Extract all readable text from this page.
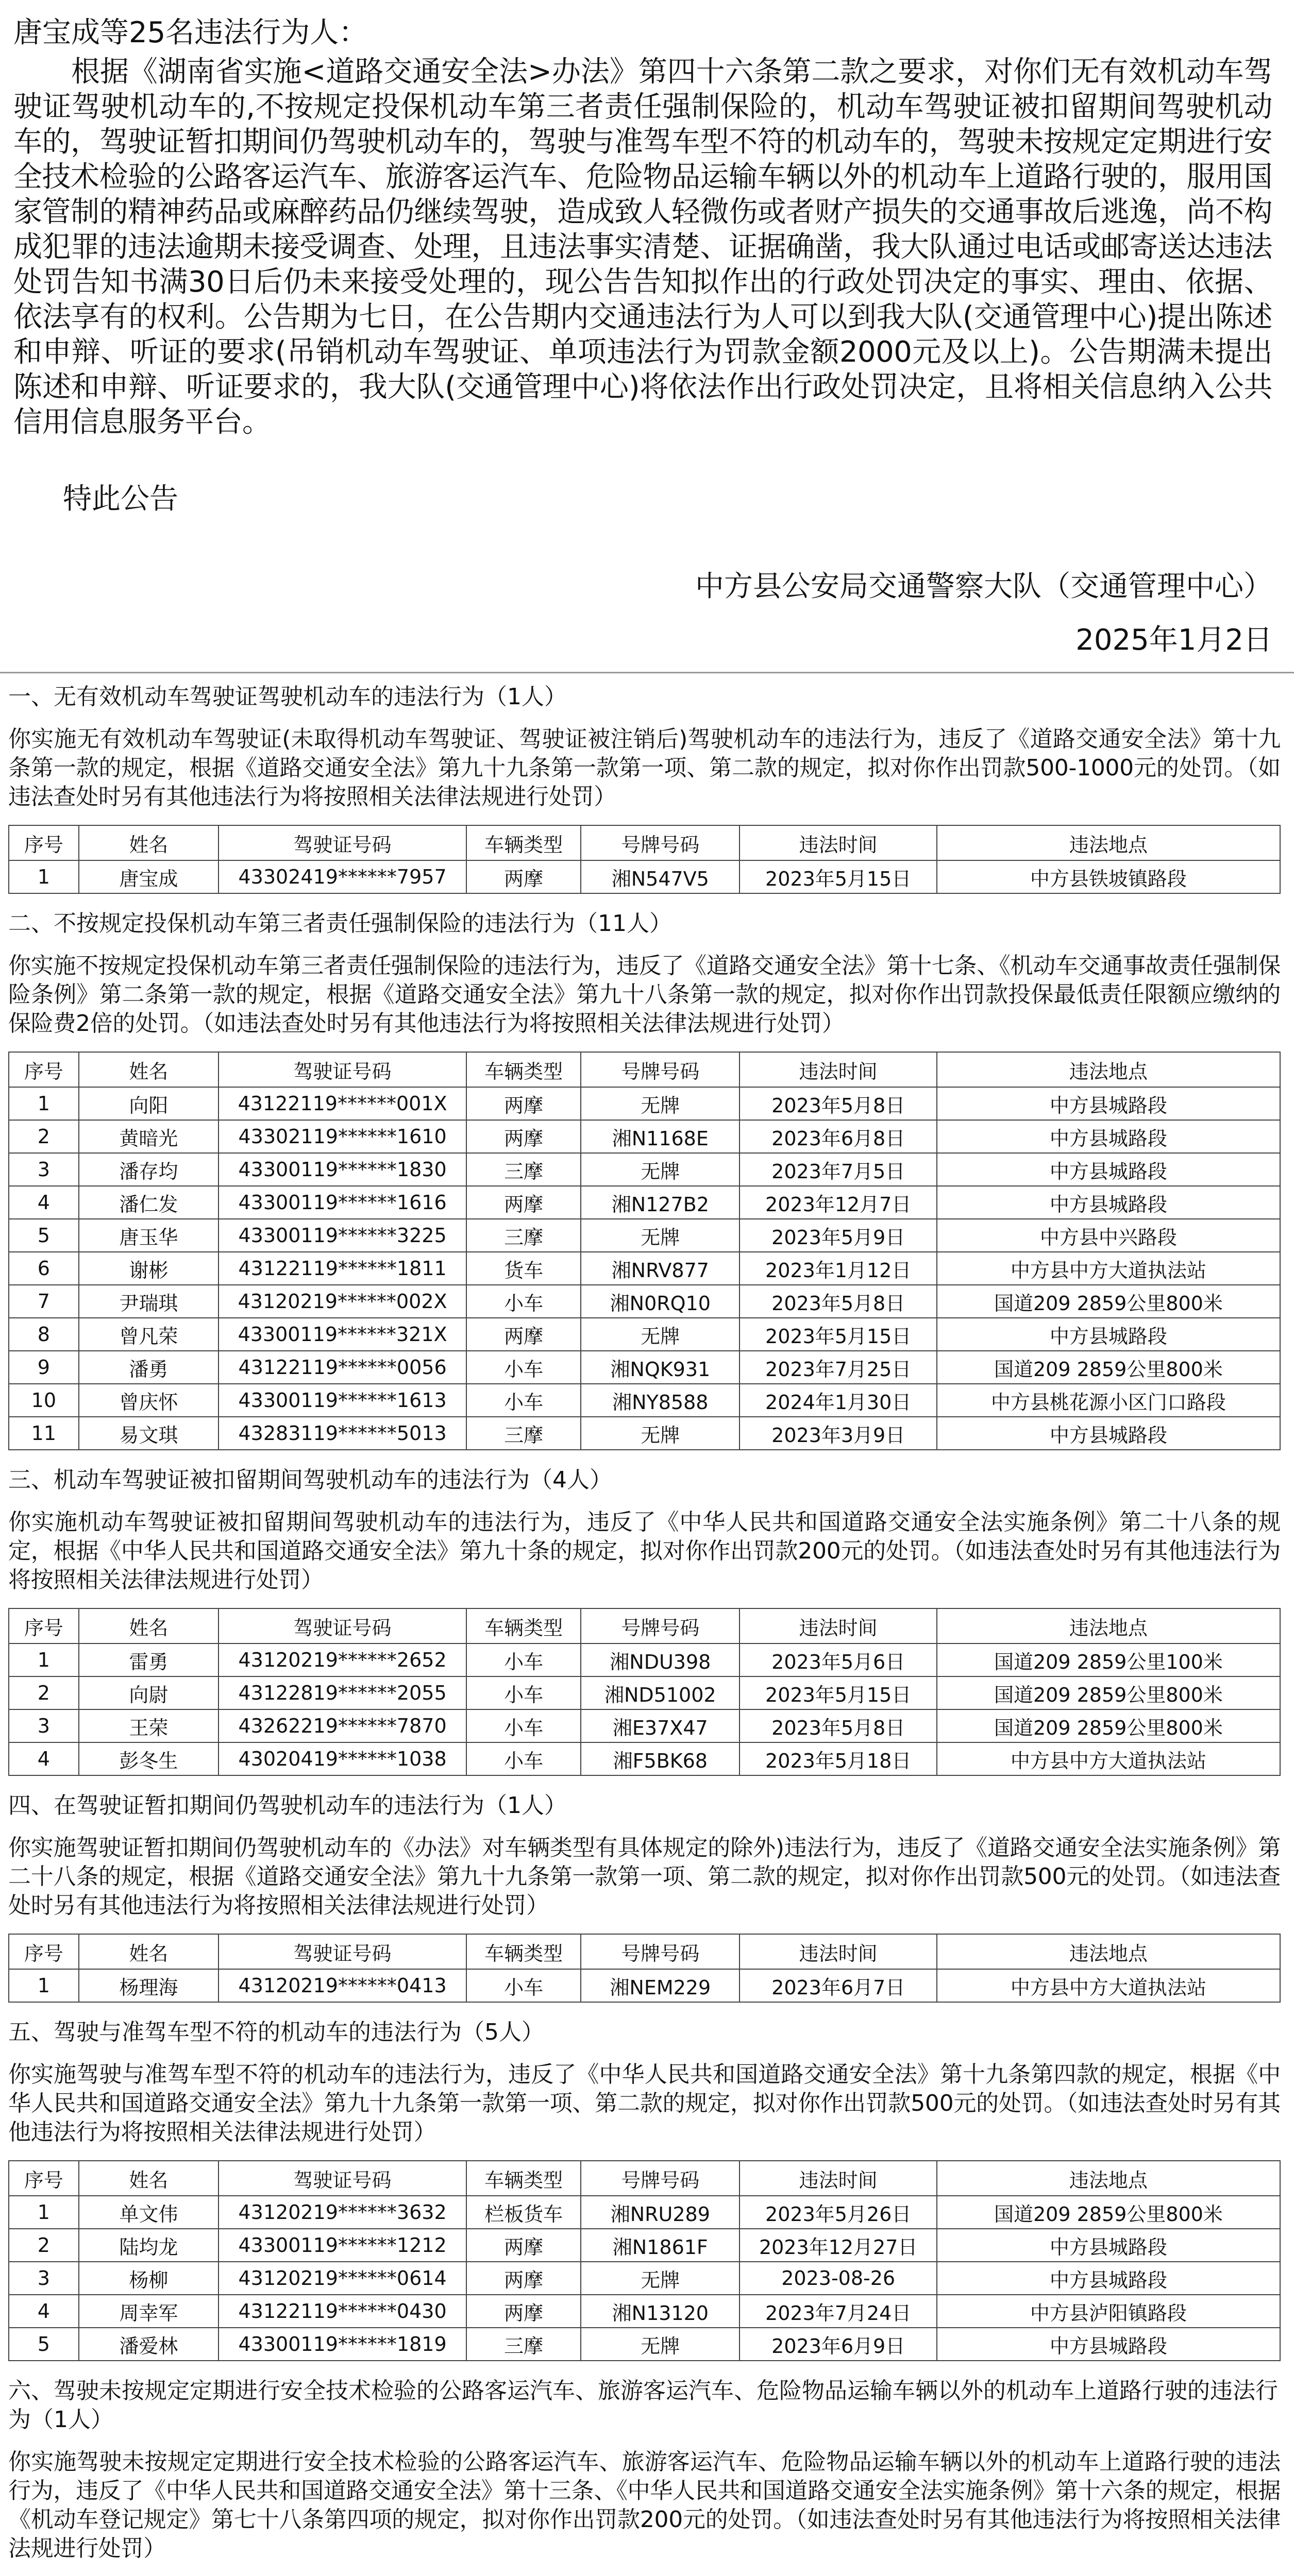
唐宝成等25名违法行为人：

根据《湖南省实施<道路交通安全法>办法》第四十六条第二款之要求，对你们无有效机动车驾驶证驾驶机动车的,不按规定投保机动车第三者责任强制保险的，机动车驾驶证被扣留期间驾驶机动车的，驾驶证暂扣期间仍驾驶机动车的，驾驶与准驾车型不符的机动车的，驾驶未按规定定期进行安全技术检验的公路客运汽车、旅游客运汽车、危险物品运输车辆以外的机动车上道路行驶的，服用国家管制的精神药品或麻醉药品仍继续驾驶，造成致人轻微伤或者财产损失的交通事故后逃逸，尚不构成犯罪的违法逾期未接受调查、处理，且违法事实清楚、证据确凿，我大队通过电话或邮寄送达违法处罚告知书满30日后仍未来接受处理的，现公告告知拟作出的行政处罚决定的事实、理由、依据、依法享有的权利。公告期为七日，在公告期内交通违法行为人可以到我大队(交通管理中心)提出陈述和申辩、听证的要求(吊销机动车驾驶证、单项违法行为罚款金额2000元及以上)。公告期满未提出陈述和申辩、听证要求的，我大队(交通管理中心)将依法作出行政处罚决定，且将相关信息纳入公共信用信息服务平台。

特此公告

中方县公安局交通警察大队（交通管理中心）

2025年1月2日

一、无有效机动车驾驶证驾驶机动车的违法行为（1人）

你实施无有效机动车驾驶证(未取得机动车驾驶证、驾驶证被注销后)驾驶机动车的违法行为，违反了《道路交通安全法》第十九条第一款的规定，根据《道路交通安全法》第九十九条第一款第一项、第二款的规定，拟对你作出罚款500-1000元的处罚。（如违法查处时另有其他违法行为将按照相关法律法规进行处罚）

序号	姓名	驾驶证号码	车辆类型	号牌号码	违法时间	违法地点
1	唐宝成	43302419******7957	两摩	湘N547V5	2023年5月15日	中方县铁坡镇路段

二、不按规定投保机动车第三者责任强制保险的违法行为（11人）

你实施不按规定投保机动车第三者责任强制保险的违法行为，违反了《道路交通安全法》第十七条、《机动车交通事故责任强制保险条例》第二条第一款的规定，根据《道路交通安全法》第九十八条第一款的规定，拟对你作出罚款投保最低责任限额应缴纳的保险费2倍的处罚。（如违法查处时另有其他违法行为将按照相关法律法规进行处罚）

序号	姓名	驾驶证号码	车辆类型	号牌号码	违法时间	违法地点
1	向阳	43122119******001X	两摩	无牌	2023年5月8日	中方县城路段
2	黄暗光	43302119******1610	两摩	湘N1168E	2023年6月8日	中方县城路段
3	潘存均	43300119******1830	三摩	无牌	2023年7月5日	中方县城路段
4	潘仁发	43300119******1616	两摩	湘N127B2	2023年12月7日	中方县城路段
5	唐玉华	43300119******3225	三摩	无牌	2023年5月9日	中方县中兴路段
6	谢彬	43122119******1811	货车	湘NRV877	2023年1月12日	中方县中方大道执法站
7	尹瑞琪	43120219******002X	小车	湘N0RQ10	2023年5月8日	国道209 2859公里800米
8	曾凡荣	43300119******321X	两摩	无牌	2023年5月15日	中方县城路段
9	潘勇	43122119******0056	小车	湘NQK931	2023年7月25日	国道209 2859公里800米
10	曾庆怀	43300119******1613	小车	湘NY8588	2024年1月30日	中方县桃花源小区门口路段
11	易文琪	43283119******5013	三摩	无牌	2023年3月9日	中方县城路段

三、机动车驾驶证被扣留期间驾驶机动车的违法行为（4人）

你实施机动车驾驶证被扣留期间驾驶机动车的违法行为，违反了《中华人民共和国道路交通安全法实施条例》第二十八条的规定，根据《中华人民共和国道路交通安全法》第九十条的规定，拟对你作出罚款200元的处罚。（如违法查处时另有其他违法行为将按照相关法律法规进行处罚）

序号	姓名	驾驶证号码	车辆类型	号牌号码	违法时间	违法地点
1	雷勇	43120219******2652	小车	湘NDU398	2023年5月6日	国道209 2859公里100米
2	向尉	43122819******2055	小车	湘ND51002	2023年5月15日	国道209 2859公里800米
3	王荣	43262219******7870	小车	湘E37X47	2023年5月8日	国道209 2859公里800米
4	彭冬生	43020419******1038	小车	湘F5BK68	2023年5月18日	中方县中方大道执法站

四、在驾驶证暂扣期间仍驾驶机动车的违法行为（1人）

你实施驾驶证暂扣期间仍驾驶机动车的《办法》对车辆类型有具体规定的除外)违法行为，违反了《道路交通安全法实施条例》第二十八条的规定，根据《道路交通安全法》第九十九条第一款第一项、第二款的规定，拟对你作出罚款500元的处罚。（如违法查处时另有其他违法行为将按照相关法律法规进行处罚）

序号	姓名	驾驶证号码	车辆类型	号牌号码	违法时间	违法地点
1	杨理海	43120219******0413	小车	湘NEM229	2023年6月7日	中方县中方大道执法站

五、驾驶与准驾车型不符的机动车的违法行为（5人）

你实施驾驶与准驾车型不符的机动车的违法行为，违反了《中华人民共和国道路交通安全法》第十九条第四款的规定，根据《中华人民共和国道路交通安全法》第九十九条第一款第一项、第二款的规定，拟对你作出罚款500元的处罚。（如违法查处时另有其他违法行为将按照相关法律法规进行处罚）

序号	姓名	驾驶证号码	车辆类型	号牌号码	违法时间	违法地点
1	单文伟	43120219******3632	栏板货车	湘NRU289	2023年5月26日	国道209 2859公里800米
2	陆均龙	43300119******1212	两摩	湘N1861F	2023年12月27日	中方县城路段
3	杨柳	43120219******0614	两摩	无牌	2023-08-26	中方县城路段
4	周幸军	43122119******0430	两摩	湘N13120	2023年7月24日	中方县泸阳镇路段
5	潘爱林	43300119******1819	三摩	无牌	2023年6月9日	中方县城路段

六、驾驶未按规定定期进行安全技术检验的公路客运汽车、旅游客运汽车、危险物品运输车辆以外的机动车上道路行驶的违法行为（1人）

你实施驾驶未按规定定期进行安全技术检验的公路客运汽车、旅游客运汽车、危险物品运输车辆以外的机动车上道路行驶的违法行为，违反了《中华人民共和国道路交通安全法》第十三条、《中华人民共和国道路交通安全法实施条例》第十六条的规定，根据《机动车登记规定》第七十八条第四项的规定，拟对你作出罚款200元的处罚。（如违法查处时另有其他违法行为将按照相关法律法规进行处罚）
